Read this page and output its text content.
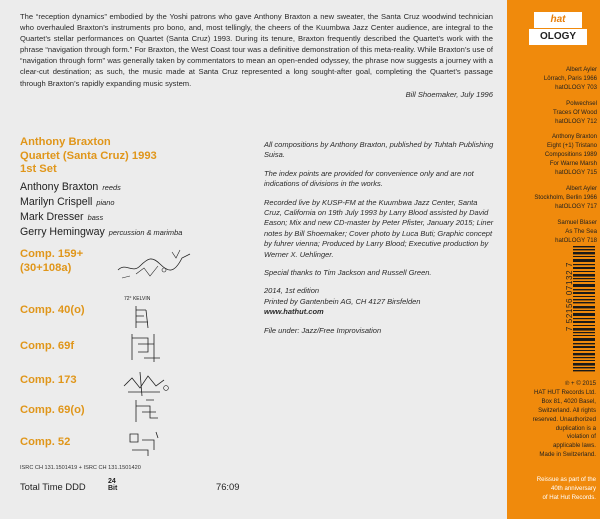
The “reception dynamics” embodied by the Yoshi patrons who gave Anthony Braxton a new sweater, the Santa Cruz woodwind technician who overhauled Braxton’s instruments pro bono, and, most tellingly, the cheers of the Kuumbwa Jazz Center audience, are integral to the Quartet’s stellar performances on Quartet (Santa Cruz) 1993. During its tenure, Braxton frequently described the Quartet’s work with the phrase “navigation through form.” For Braxton, the West Coast tour was a definitive demonstration of this meta-reality. While Braxton’s use of “navigation through form” was generally taken by commentators to mean an open-ended odyssey, the phrase now suggests a journey with a clear-cut destination; as such, the music made at Santa Cruz represented a long sought-after goal, completing the Quartet’s passage through Braxton’s rapidly expanding music system.
Bill Shoemaker, July 1996
Anthony Braxton
Quartet (Santa Cruz) 1993
1st Set
Anthony Braxton reeds
Marilyn Crispell piano
Mark Dresser bass
Gerry Hemingway percussion & marimba
Comp. 159+
(30+108a)
Comp. 40(o)
72° KELVIN
Comp. 69f
Comp. 173
Comp. 69(o)
Comp. 52
ISRC CH 131.1501419 + ISRC CH 131.1501420
Total Time DDD	24
Bit	76:09

All compositions by Anthony Braxton, published by Tuhtah Publishing Suisa.

The index points are provided for convenience only and are not indications of divisions in the works.

Recorded live by KUSP-FM at the Kuumbwa Jazz Center, Santa Cruz, California on 19th July 1993 by Larry Blood assisted by David Eason; Mix and new CD-master by Peter Pfister, January 2015; Liner notes by Bill Shoemaker; Cover photo by Luca Buti; Graphic concept by fuhrer vienna; Produced by Larry Blood; Executive production by Werner X. Uehlinger.

Special thanks to Tim Jackson and Russell Green.

2014, 1st edition
Printed by Gantenbein AG, CH 4127 Birsfelden

www.hathut.com

File under: Jazz/Free Improvisation

hat
OLOGY
Albert Ayler
Lörrach, Paris 1966
hatOLOGY 703
Polwechsel
Traces Of Wood
hatOLOGY 712
Anthony Braxton
Eight (+1) Tristano Compositions 1989
For Warne Marsh
hatOLOGY 715
Albert Ayler
Stockholm, Berlin 1966
hatOLOGY 717
Samuel Blaser
As The Sea
hatOLOGY 718
7 52156 07132 7
℗ + © 2015
HAT HUT Records Ltd.
Box 81, 4020 Basel,
Switzerland. All rights
reserved. Unauthorized
duplication is a
violation of
applicable laws.
Made in Switzerland.
Reissue as part of the
40th anniversary
of Hat Hut Records.
